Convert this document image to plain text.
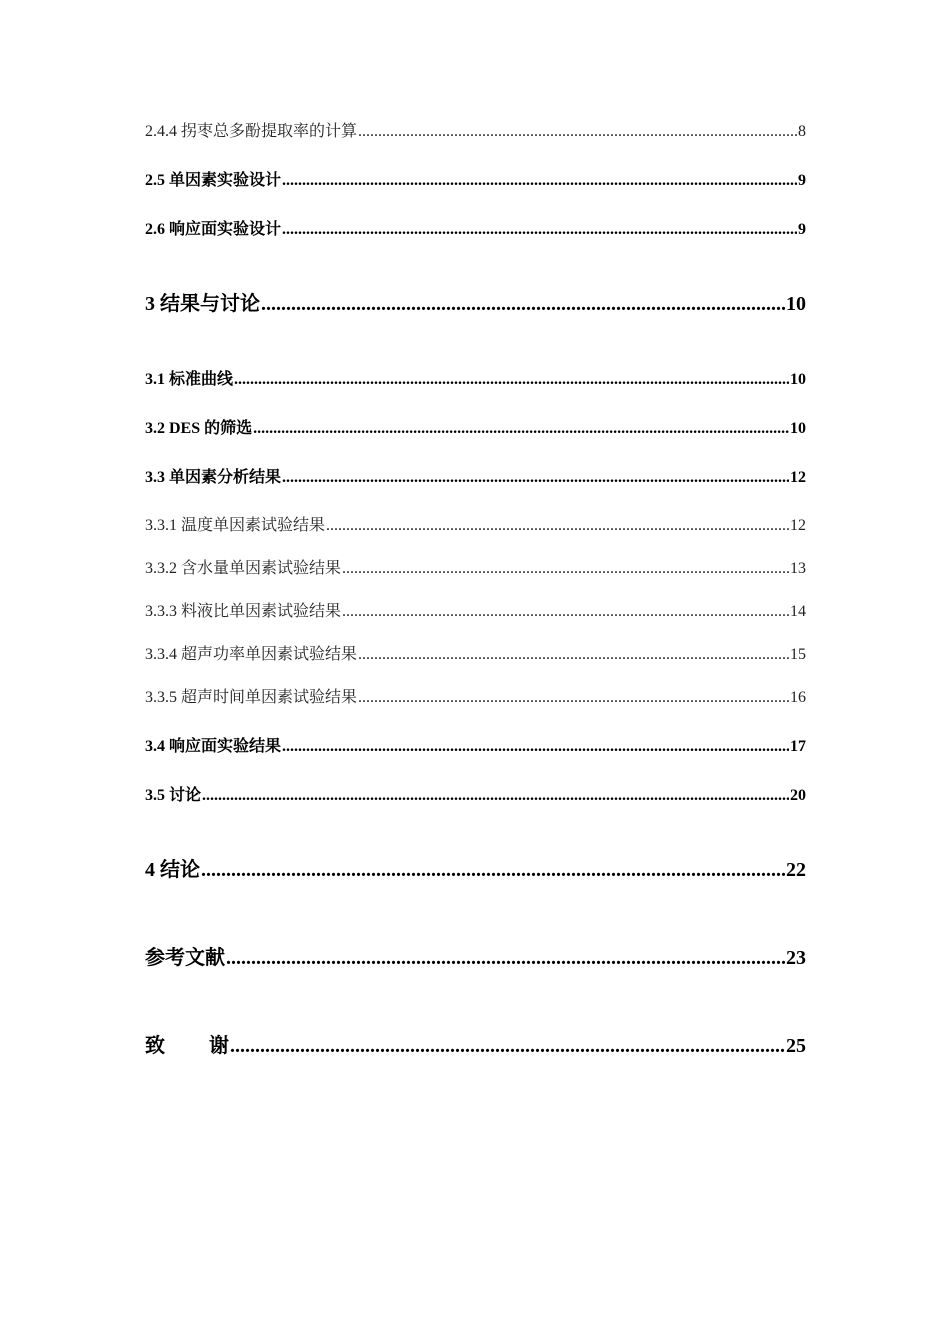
2.4.4 拐枣总多酚提取率的计算 .....	8
2.5 单因素实验设计 .....	9
2.6 响应面实验设计 .....	9
3 结果与讨论 .....	10
3.1 标准曲线 .....	10
3.2 DES 的筛选 .....	10
3.3 单因素分析结果 .....	12
3.3.1 温度单因素试验结果 .....	12
3.3.2 含水量单因素试验结果 .....	13
3.3.3 料液比单因素试验结果 .....	14
3.3.4 超声功率单因素试验结果 .....	15
3.3.5 超声时间单因素试验结果 .....	16
3.4 响应面实验结果 .....	17
3.5 讨论 .....	20
4 结论 .....	22
参考文献 .....	23
致 谢 .....	25
